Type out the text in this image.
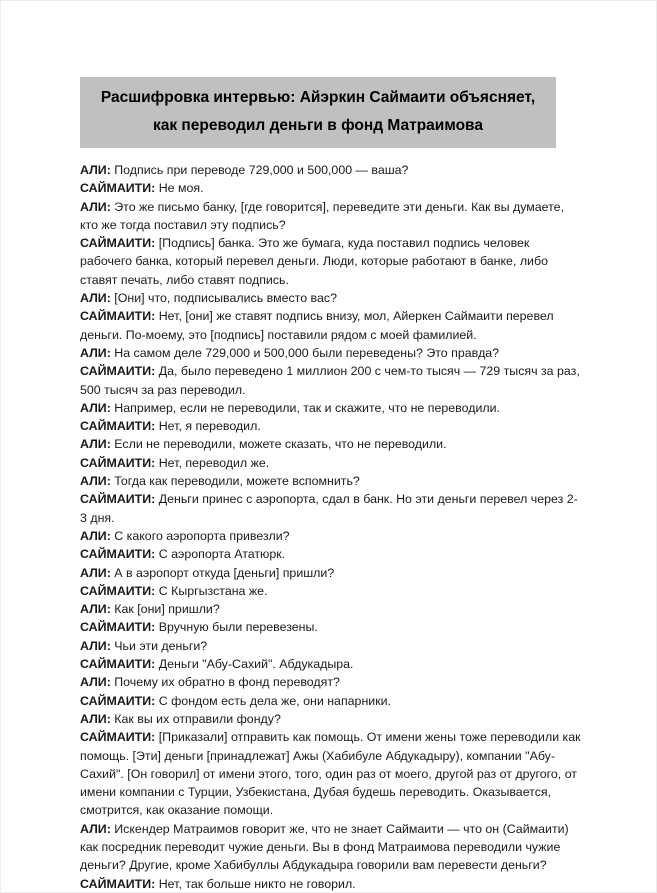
Расшифровка интервью: Айэркин Саймаити объясняет,
как переводил деньги в фонд Матраимова

АЛИ: Подпись при переводе 729,000 и 500,000 — ваша?

САЙМАИТИ: Не моя.

АЛИ: Это же письмо банку, [где говорится], переведите эти деньги. Как вы думаете, кто же тогда поставил эту подпись?

САЙМАИТИ: [Подпись] банка. Это же бумага, куда поставил подпись человек рабочего банка, который перевел деньги. Люди, которые работают в банке, либо ставят печать, либо ставят подпись.

АЛИ: [Они] что, подписывались вместо вас?

САЙМАИТИ: Нет, [они] же ставят подпись внизу, мол, Айеркен Саймаити перевел деньги. По-моему, это [подпись] поставили рядом с моей фамилией.

АЛИ: На самом деле 729,000 и 500,000 были переведены? Это правда?

САЙМАИТИ: Да, было переведено 1 миллион 200 с чем-то тысяч — 729 тысяч за раз, 500 тысяч за раз переводил.

АЛИ: Например, если не переводили, так и скажите, что не переводили.

САЙМАИТИ: Нет, я переводил.

АЛИ: Если не переводили, можете сказать, что не переводили.

САЙМАИТИ: Нет, переводил же.

АЛИ: Тогда как переводили, можете вспомнить?

САЙМАИТИ: Деньги принес с аэропорта, сдал в банк. Но эти деньги перевел через 2-3 дня.

АЛИ: С какого аэропорта привезли?

САЙМАИТИ: С аэропорта Ататюрк.

АЛИ: А в аэропорт откуда [деньги] пришли?

САЙМАИТИ: С Кыргызстана же.

АЛИ: Как [они] пришли?

САЙМАИТИ: Вручную были перевезены.

АЛИ: Чьи эти деньги?

САЙМАИТИ: Деньги "Абу-Сахий". Абдукадыра.

АЛИ: Почему их обратно в фонд переводят?

САЙМАИТИ: С фондом есть дела же, они напарники.

АЛИ: Как вы их отправили фонду?

САЙМАИТИ: [Приказали] отправить как помощь. От имени жены тоже переводили как помощь. [Эти] деньги [принадлежат] Ажы (Хабибуле Абдукадыру), компании "Абу-Сахий". [Он говорил] от имени этого, того, один раз от моего, другой раз от другого, от имени компании с Турции, Узбекистана, Дубая будешь переводить. Оказывается, смотрится, как оказание помощи.

АЛИ: Искендер Матраимов говорит же, что не знает Саймаити — что он (Саймаити) как посредник переводит чужие деньги. Вы в фонд Матраимова переводили чужие деньги? Другие, кроме Хабибуллы Абдукадыра говорили вам перевести деньги?

САЙМАИТИ: Нет, так больше никто не говорил.
